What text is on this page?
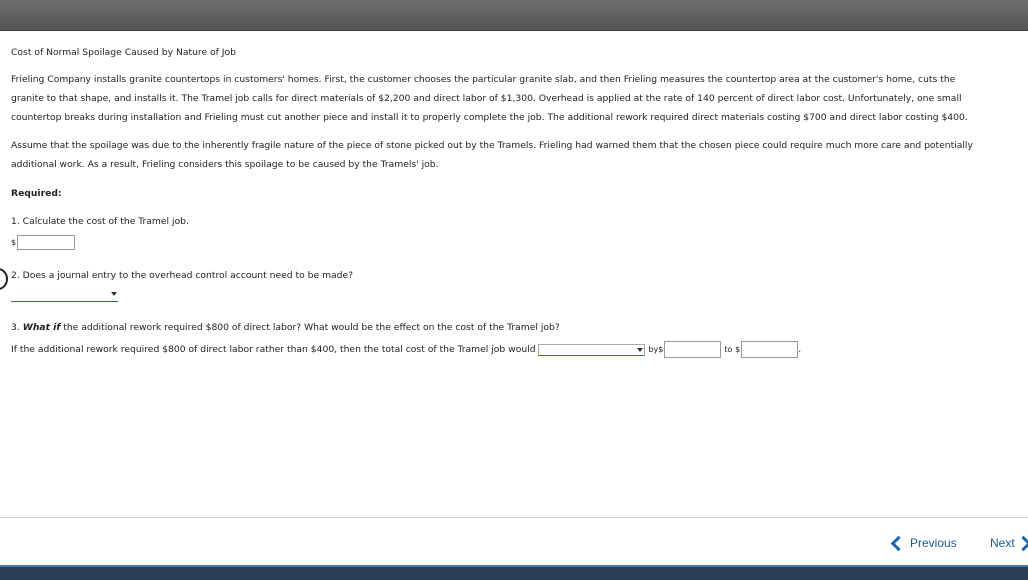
Cost of Normal Spoilage Caused by Nature of Job
Frieling Company installs granite countertops in customers' homes. First, the customer chooses the particular granite slab, and then Frieling measures the countertop area at the customer's home, cuts the
granite to that shape, and installs it. The Tramel job calls for direct materials of $2,200 and direct labor of $1,300. Overhead is applied at the rate of 140 percent of direct labor cost. Unfortunately, one small
countertop breaks during installation and Frieling must cut another piece and install it to properly complete the job. The additional rework required direct materials costing $700 and direct labor costing $400.
Assume that the spoilage was due to the inherently fragile nature of the piece of stone picked out by the Tramels. Frieling had warned them that the chosen piece could require much more care and potentially
additional work. As a result, Frieling considers this spoilage to be caused by the Tramels' job.
Required:
1. Calculate the cost of the Tramel job.
$
2. Does a journal entry to the overhead control account need to be made?
3. What if the additional rework required $800 of direct labor? What would be the effect on the cost of the Tramel job?
If the additional rework required $800 of direct labor rather than $400, then the total cost of the Tramel job would	by$	to $	.
Previous	Next
